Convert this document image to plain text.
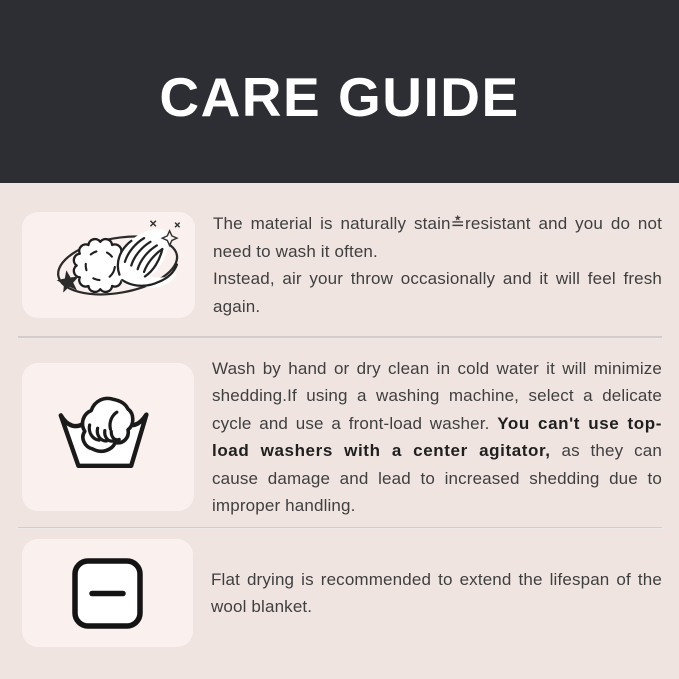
CARE GUIDE

The material is naturally stain≛resistant and you do not need to wash it often.

Instead, air your throw occasionally and it will feel fresh again.

Wash by hand or dry clean in cold water it will minimize shedding.If using a washing machine, select a delicate cycle and use a front-load washer. You can't use top-load washers with a center agitator, as they can cause damage and lead to increased shedding due to improper handling.

Flat drying is recommended to extend the lifespan of the wool blanket.
